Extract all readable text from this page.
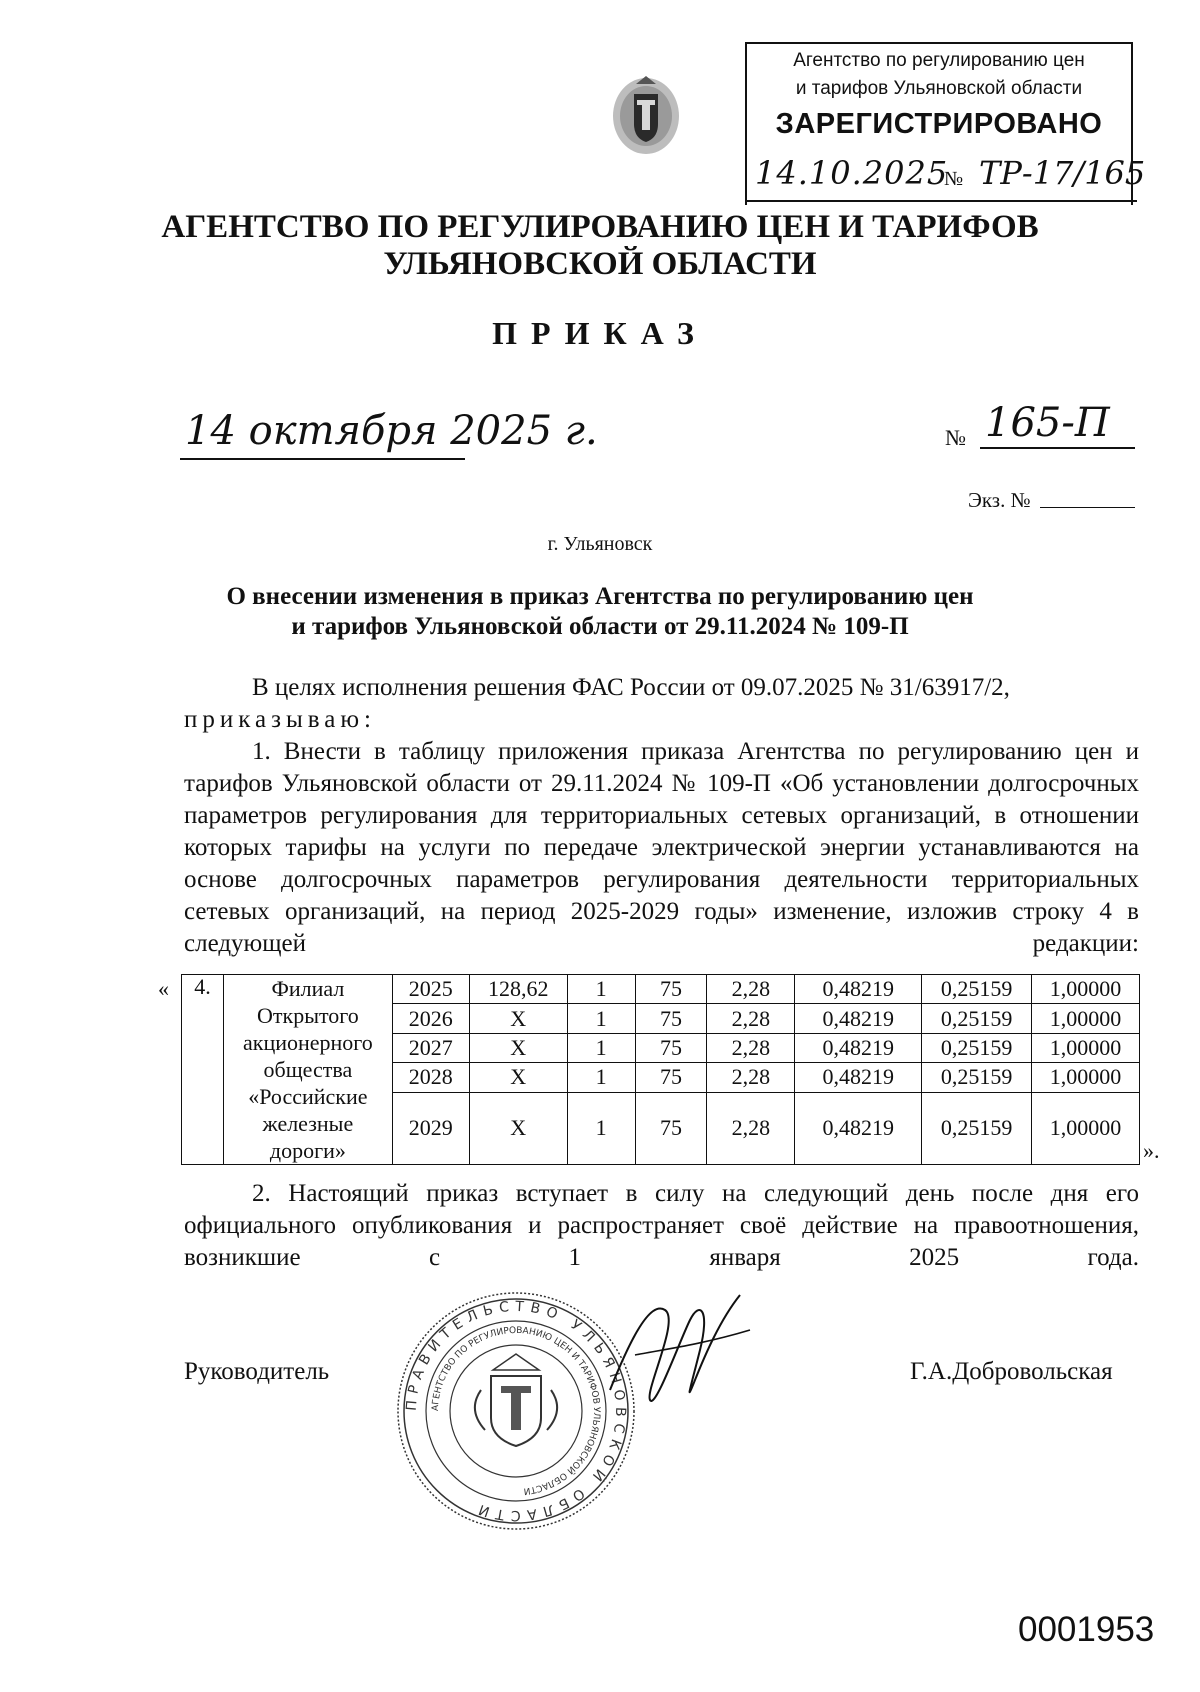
Агентство по регулированию цен
и тарифов Ульяновской области
ЗАРЕГИСТРИРОВАНО
14.10.2025
№ ТР-17/165
АГЕНТСТВО ПО РЕГУЛИРОВАНИЮ ЦЕН И ТАРИФОВ
УЛЬЯНОВСКОЙ ОБЛАСТИ
ПРИКАЗ
14 октября 2025 г.	№ 165-П
Экз. №
г. Ульяновск
О внесении изменения в приказ Агентства по регулированию цен
и тарифов Ульяновской области от 29.11.2024 № 109-П
В целях исполнения решения ФАС России от 09.07.2025 № 31/63917/2,
приказываю:
1. Внести в таблицу приложения приказа Агентства по регулированию цен и тарифов Ульяновской области от 29.11.2024 № 109-П «Об установлении долгосрочных параметров регулирования для территориальных сетевых организаций, в отношении которых тарифы на услуги по передаче электрической энергии устанавливаются на основе долгосрочных параметров регулирования деятельности территориальных сетевых организаций, на период 2025-2029 годы» изменение, изложив строку 4 в следующей редакции:
« 4.	Филиал Открытого акционерного общества «Российские железные дороги»	2025	128,62	1	75	2,28	0,48219	0,25159	1,00000
		2026	Х	1	75	2,28	0,48219	0,25159	1,00000
		2027	Х	1	75	2,28	0,48219	0,25159	1,00000
		2028	Х	1	75	2,28	0,48219	0,25159	1,00000
		2029	Х	1	75	2,28	0,48219	0,25159	1,00000
».
2. Настоящий приказ вступает в силу на следующий день после дня его официального опубликования и распространяет своё действие на правоотношения, возникшие с 1 января 2025 года.
Руководитель	Г.А.Добровольская
ПРАВИТЕЛЬСТВО УЛЬЯНОВСКОЙ ОБЛАСТИ
АГЕНТСТВО ПО РЕГУЛИРОВАНИЮ ЦЕН И ТАРИФОВ УЛЬЯНОВСКОЙ ОБЛАСТИ
0001953
